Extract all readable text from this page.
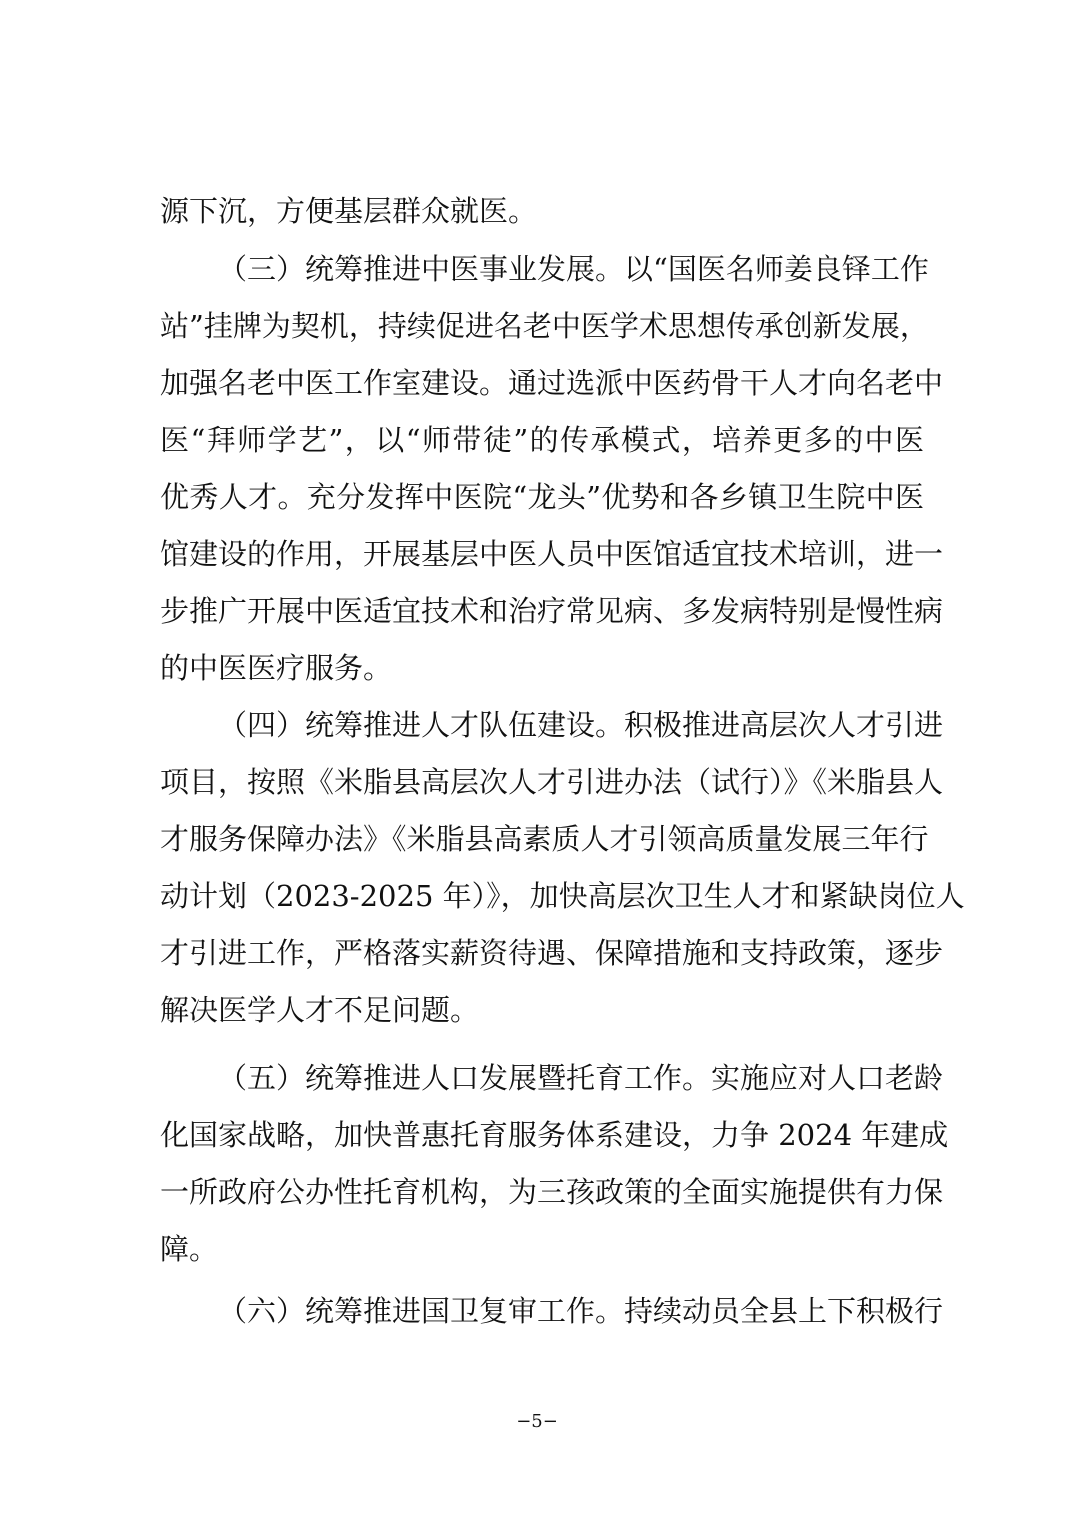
源下沉，方便基层群众就医。
（三）统筹推进中医事业发展。以“国医名师姜良铎工作
站”挂牌为契机，持续促进名老中医学术思想传承创新发展，
加强名老中医工作室建设。通过选派中医药骨干人才向名老中
医“拜师学艺”，以“师带徒”的传承模式，培养更多的中医
优秀人才。充分发挥中医院“龙头”优势和各乡镇卫生院中医
馆建设的作用，开展基层中医人员中医馆适宜技术培训，进一
步推广开展中医适宜技术和治疗常见病、多发病特别是慢性病
的中医医疗服务。
（四）统筹推进人才队伍建设。积极推进高层次人才引进
项目，按照《米脂县高层次人才引进办法（试行）》《米脂县人
才服务保障办法》《米脂县高素质人才引领高质量发展三年行
动计划（2023-2025 年）》，加快高层次卫生人才和紧缺岗位人
才引进工作，严格落实薪资待遇、保障措施和支持政策，逐步
解决医学人才不足问题。
（五）统筹推进人口发展暨托育工作。实施应对人口老龄
化国家战略，加快普惠托育服务体系建设，力争 2024 年建成
一所政府公办性托育机构，为三孩政策的全面实施提供有力保
障。
（六）统筹推进国卫复审工作。持续动员全县上下积极行
−5−
